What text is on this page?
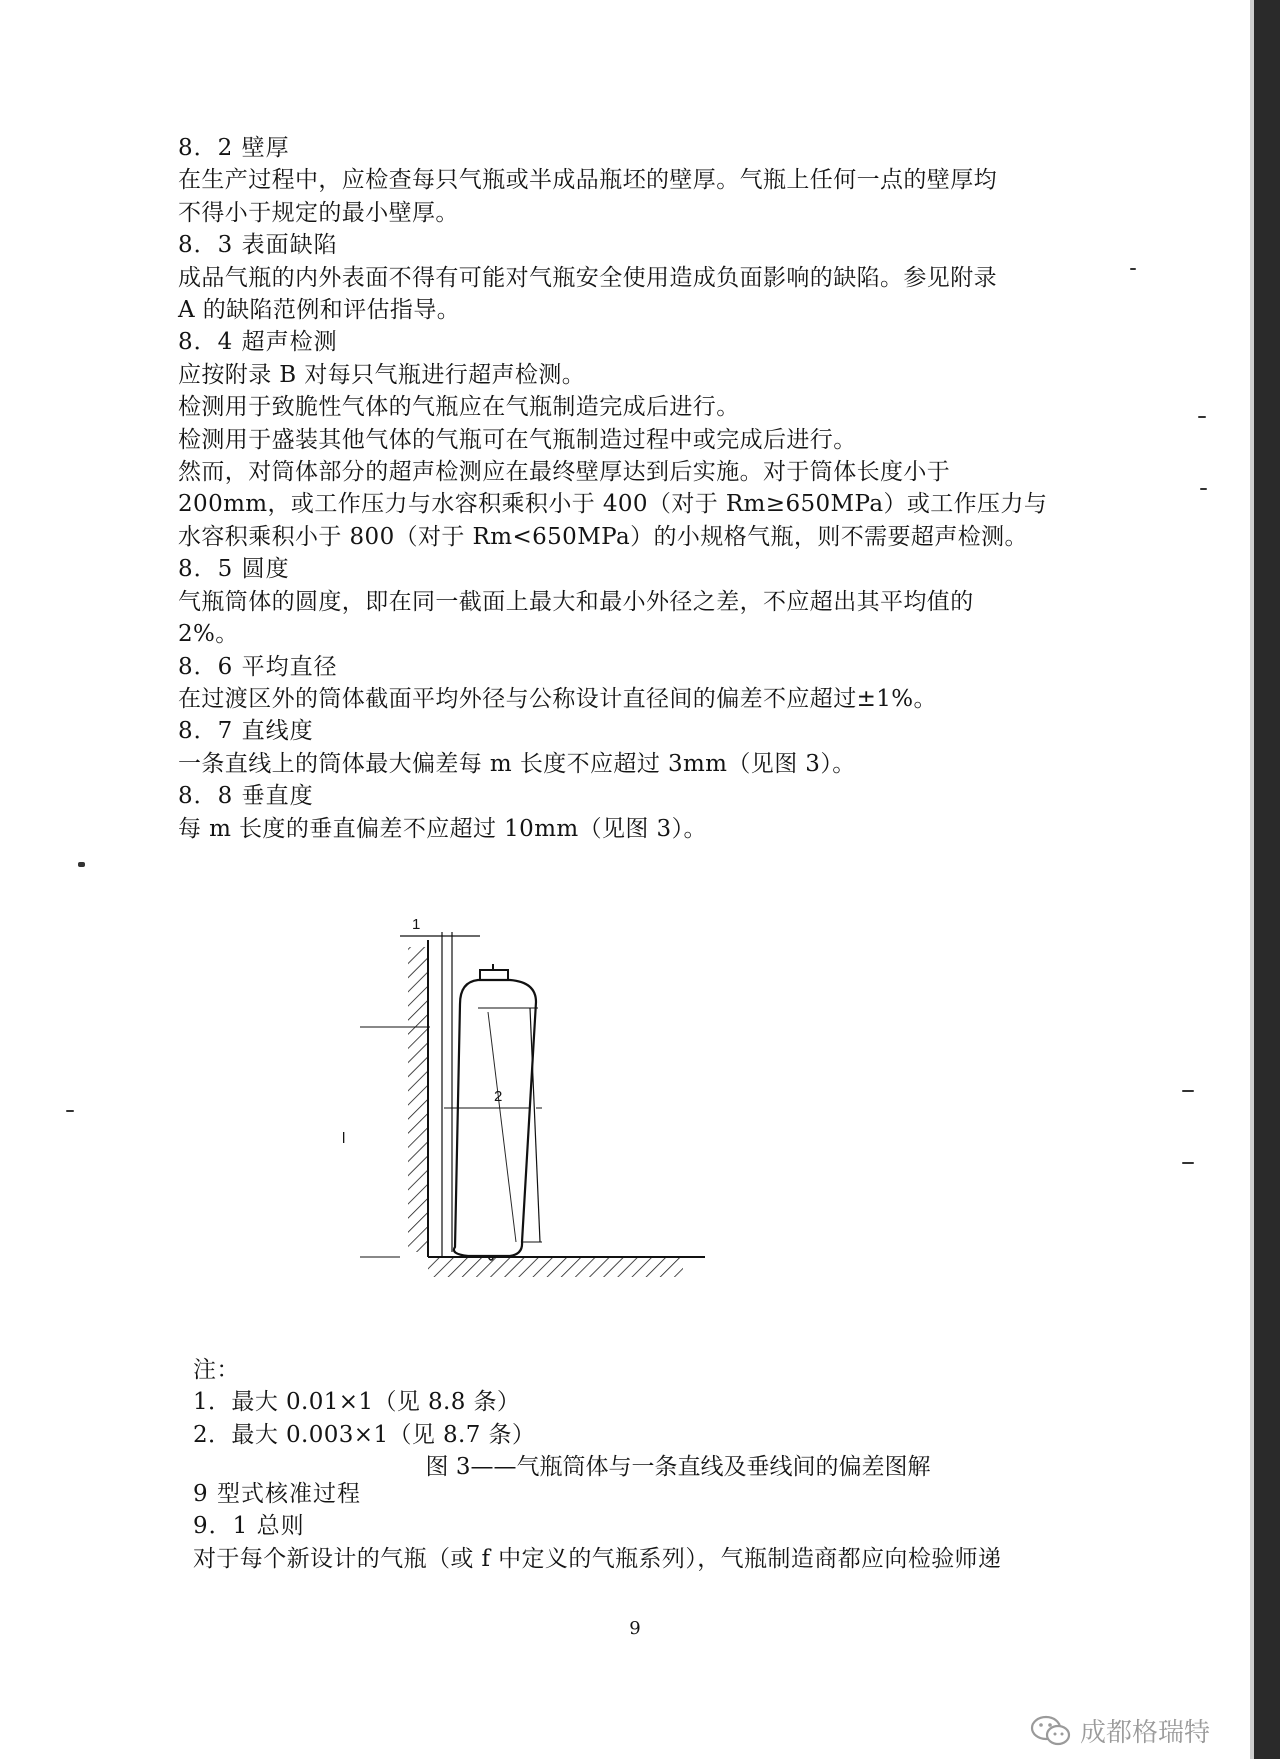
8．2 壁厚
在生产过程中，应检查每只气瓶或半成品瓶坯的壁厚。气瓶上任何一点的壁厚均
不得小于规定的最小壁厚。
8．3 表面缺陷
成品气瓶的内外表面不得有可能对气瓶安全使用造成负面影响的缺陷。参见附录
A 的缺陷范例和评估指导。
8．4 超声检测
应按附录 B 对每只气瓶进行超声检测。
检测用于致脆性气体的气瓶应在气瓶制造完成后进行。
检测用于盛装其他气体的气瓶可在气瓶制造过程中或完成后进行。
然而，对筒体部分的超声检测应在最终壁厚达到后实施。对于筒体长度小于
200mm，或工作压力与水容积乘积小于 400（对于 Rm≥650MPa）或工作压力与
水容积乘积小于 800（对于 Rm<650MPa）的小规格气瓶，则不需要超声检测。
8．5 圆度
气瓶筒体的圆度，即在同一截面上最大和最小外径之差，不应超出其平均值的
2%。
8．6 平均直径
在过渡区外的筒体截面平均外径与公称设计直径间的偏差不应超过±1%。
8．7 直线度
一条直线上的筒体最大偏差每 m 长度不应超过 3mm（见图 3）。
8．8 垂直度
每 m 长度的垂直偏差不应超过 10mm（见图 3）。
1
2
l
注：
1．最大 0.01×1（见 8.8 条）
2．最大 0.003×1（见 8.7 条）
图 3——气瓶筒体与一条直线及垂线间的偏差图解
9 型式核准过程
9．1 总则
对于每个新设计的气瓶（或 f 中定义的气瓶系列），气瓶制造商都应向检验师递
9
成都格瑞特
